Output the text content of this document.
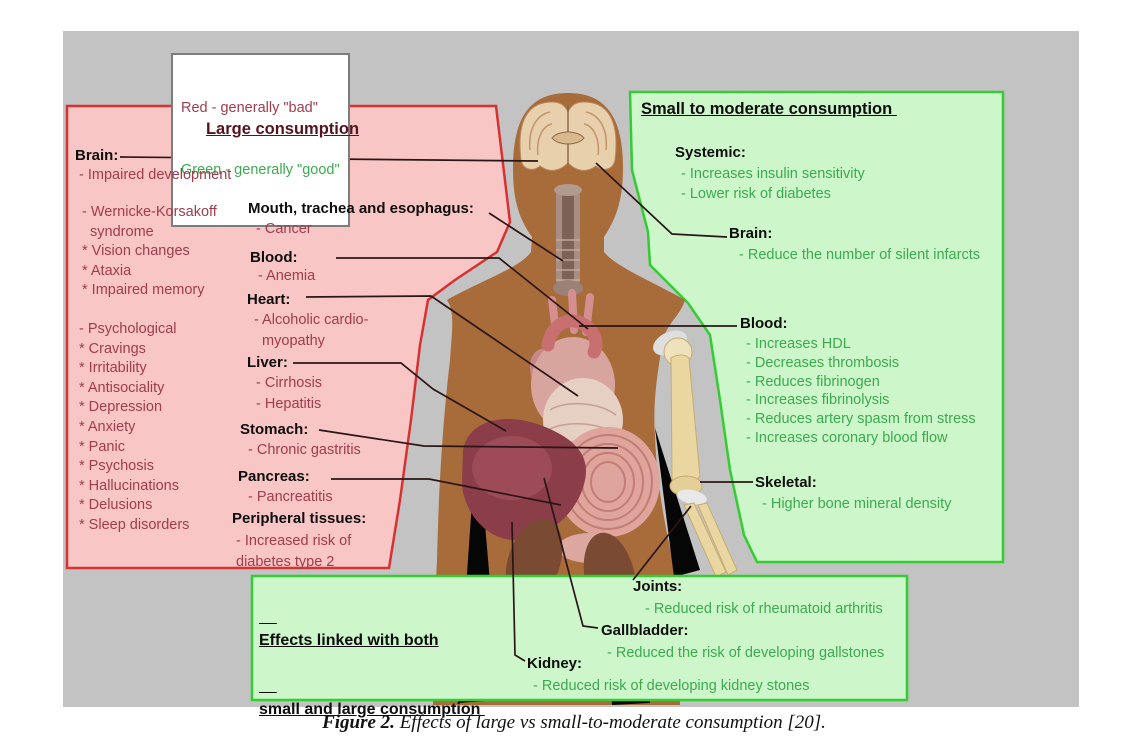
Red - generally "bad"

Green - generally "good"

Large consumption
Brain:
- Impaired development
- Wernicke-Korsakoff
syndrome
* Vision changes
* Ataxia
* Impaired memory
- Psychological
* Cravings
* Irritability
* Antisociality
* Depression
* Anxiety
* Panic
* Psychosis
* Hallucinations
* Delusions
* Sleep disorders
Mouth, trachea and esophagus:
- Cancer
Blood:
- Anemia
Heart:
- Alcoholic cardio-
myopathy
Liver:
- Cirrhosis
- Hepatitis
Stomach:
- Chronic gastritis
Pancreas:
- Pancreatitis
Peripheral tissues:
- Increased risk of
diabetes type 2
Small to moderate consumption
Systemic:
- Increases insulin sensitivity
- Lower risk of diabetes
Brain:
- Reduce the number of silent infarcts
Blood:
- Increases HDL
- Decreases thrombosis
- Reduces fibrinogen
- Increases fibrinolysis
- Reduces artery spasm from stress
- Increases coronary blood flow
Skeletal:
- Higher bone mineral density

Effects linked with both

small and large consumption

Joints:
- Reduced risk of rheumatoid arthritis
Gallbladder:
- Reduced the risk of developing gallstones
Kidney:
- Reduced risk of developing kidney stones
Figure 2. Effects of large vs small-to-moderate consumption [20].
